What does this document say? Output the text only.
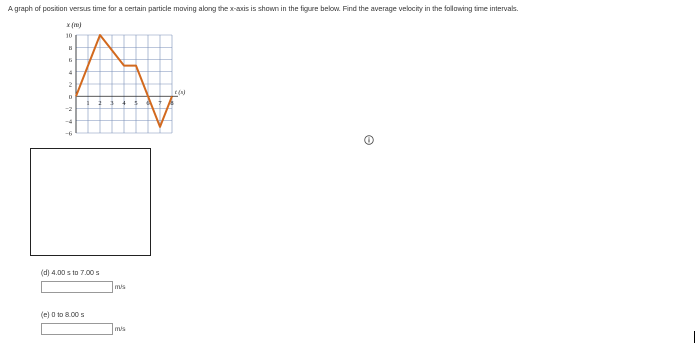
A graph of position versus time for a certain particle moving along the x-axis is shown in the figure below. Find the average velocity in the following time intervals.
x (m)
10
8
6
4
2
0
−2
−4
−6
1 2 3 4 5 6 7 8
t (s)
(d) 4.00 s to 7.00 s
m/s
(e) 0 to 8.00 s
m/s
